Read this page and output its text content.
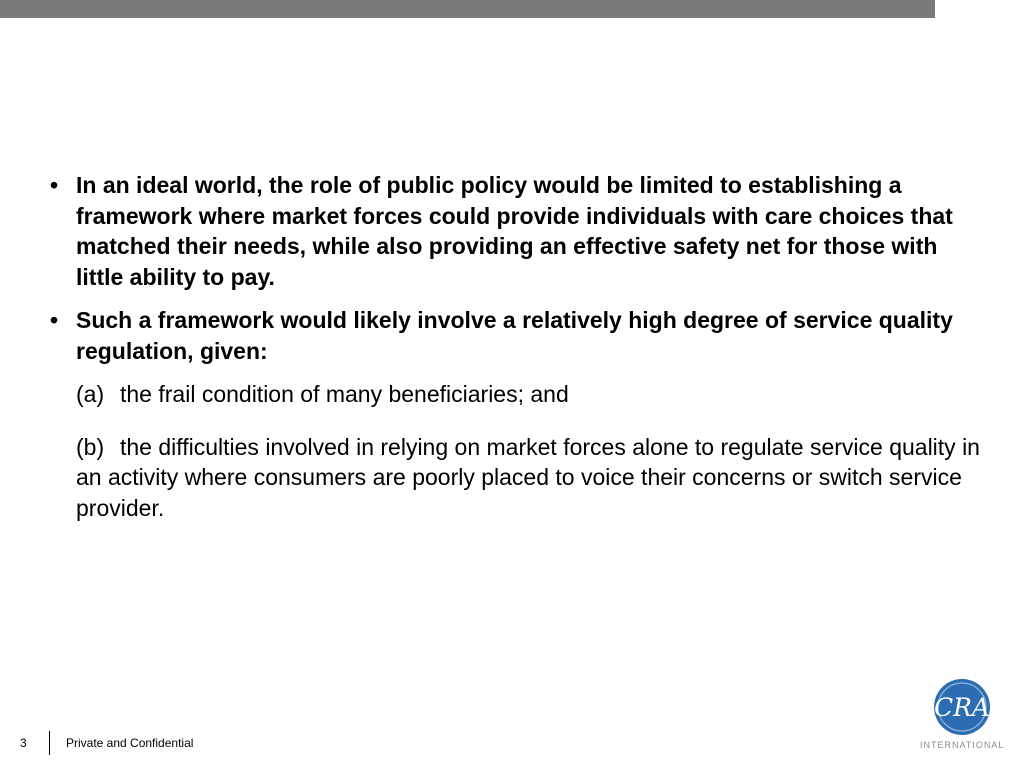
• In an ideal world, the role of public policy would be limited to establishing a framework where market forces could provide individuals with care choices that matched their needs, while also providing an effective safety net for those with little ability to pay.
• Such a framework would likely involve a relatively high degree of service quality regulation, given:
(a) the frail condition of many beneficiaries; and
(b) the difficulties involved in relying on market forces alone to regulate service quality in an activity where consumers are poorly placed to voice their concerns or switch service provider.
3	Private and Confidential
CRA
INTERNATIONAL
